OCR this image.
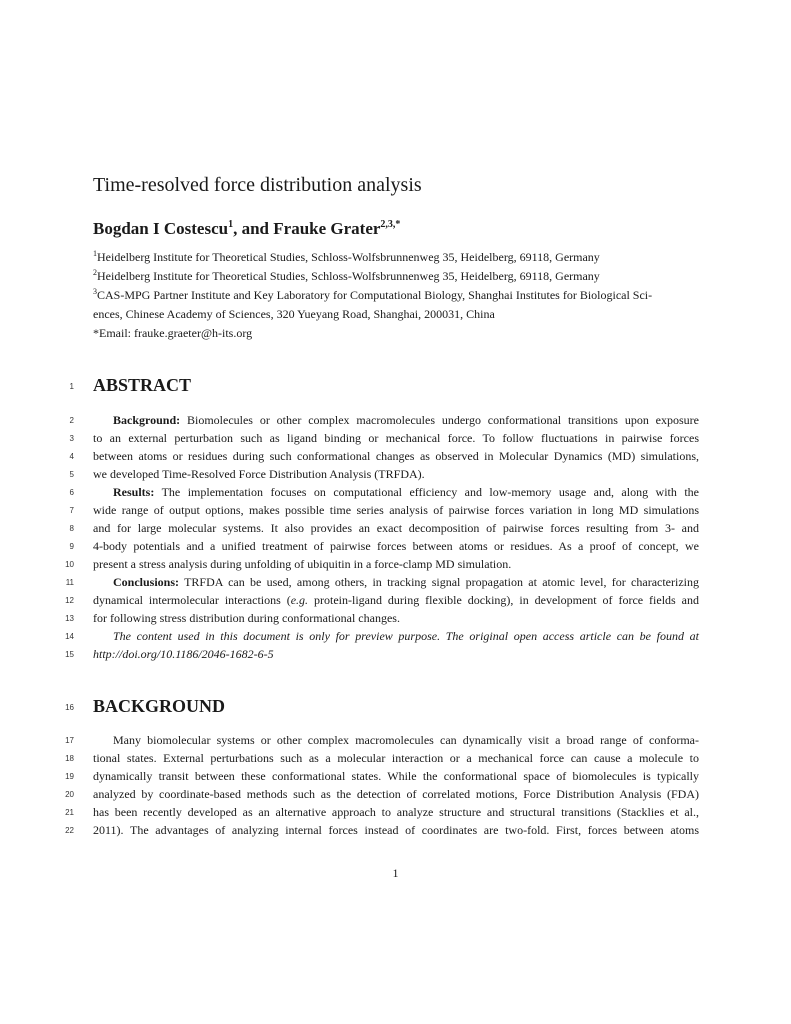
Time-resolved force distribution analysis

Bogdan I Costescu$^1$, and Frauke Grater$^{2,3,*}$

$^1$Heidelberg Institute for Theoretical Studies, Schloss-Wolfsbrunnenweg 35, Heidelberg, 69118, Germany

$^2$Heidelberg Institute for Theoretical Studies, Schloss-Wolfsbrunnenweg 35, Heidelberg, 69118, Germany

$^3$CAS-MPG Partner Institute and Key Laboratory for Computational Biology, Shanghai Institutes for Biological Sci-

ences, Chinese Academy of Sciences, 320 Yueyang Road, Shanghai, 200031, China

*Email: frauke.graeter@h-its.org

1 ABSTRACT
2	Background: Biomolecules or other complex macromolecules undergo conformational transitions upon exposure
3 to an external perturbation such as ligand binding or mechanical force. To follow fluctuations in pairwise forces
4 between atoms or residues during such conformational changes as observed in Molecular Dynamics (MD) simulations,
5 we developed Time-Resolved Force Distribution Analysis (TRFDA).
6	Results: The implementation focuses on computational efficiency and low-memory usage and, along with the
7 wide range of output options, makes possible time series analysis of pairwise forces variation in long MD simulations
8 and for large molecular systems. It also provides an exact decomposition of pairwise forces resulting from 3- and
9 4-body potentials and a unified treatment of pairwise forces between atoms or residues. As a proof of concept, we
10 present a stress analysis during unfolding of ubiquitin in a force-clamp MD simulation.
11	Conclusions: TRFDA can be used, among others, in tracking signal propagation at atomic level, for characterizing
12 dynamical intermolecular interactions (e.g. protein-ligand during flexible docking), in development of force fields and
13 for following stress distribution during conformational changes.
14	The content used in this document is only for preview purpose. The original open access article can be found at
15 http://doi.org/10.1186/2046-1682-6-5
16 BACKGROUND
17	Many biomolecular systems or other complex macromolecules can dynamically visit a broad range of conforma-
18 tional states. External perturbations such as a molecular interaction or a mechanical force can cause a molecule to
19 dynamically transit between these conformational states. While the conformational space of biomolecules is typically
20 analyzed by coordinate-based methods such as the detection of correlated motions, Force Distribution Analysis (FDA)
21 has been recently developed as an alternative approach to analyze structure and structural transitions (Stacklies et al.,
22 2011). The advantages of analyzing internal forces instead of coordinates are two-fold. First, forces between atoms
1
